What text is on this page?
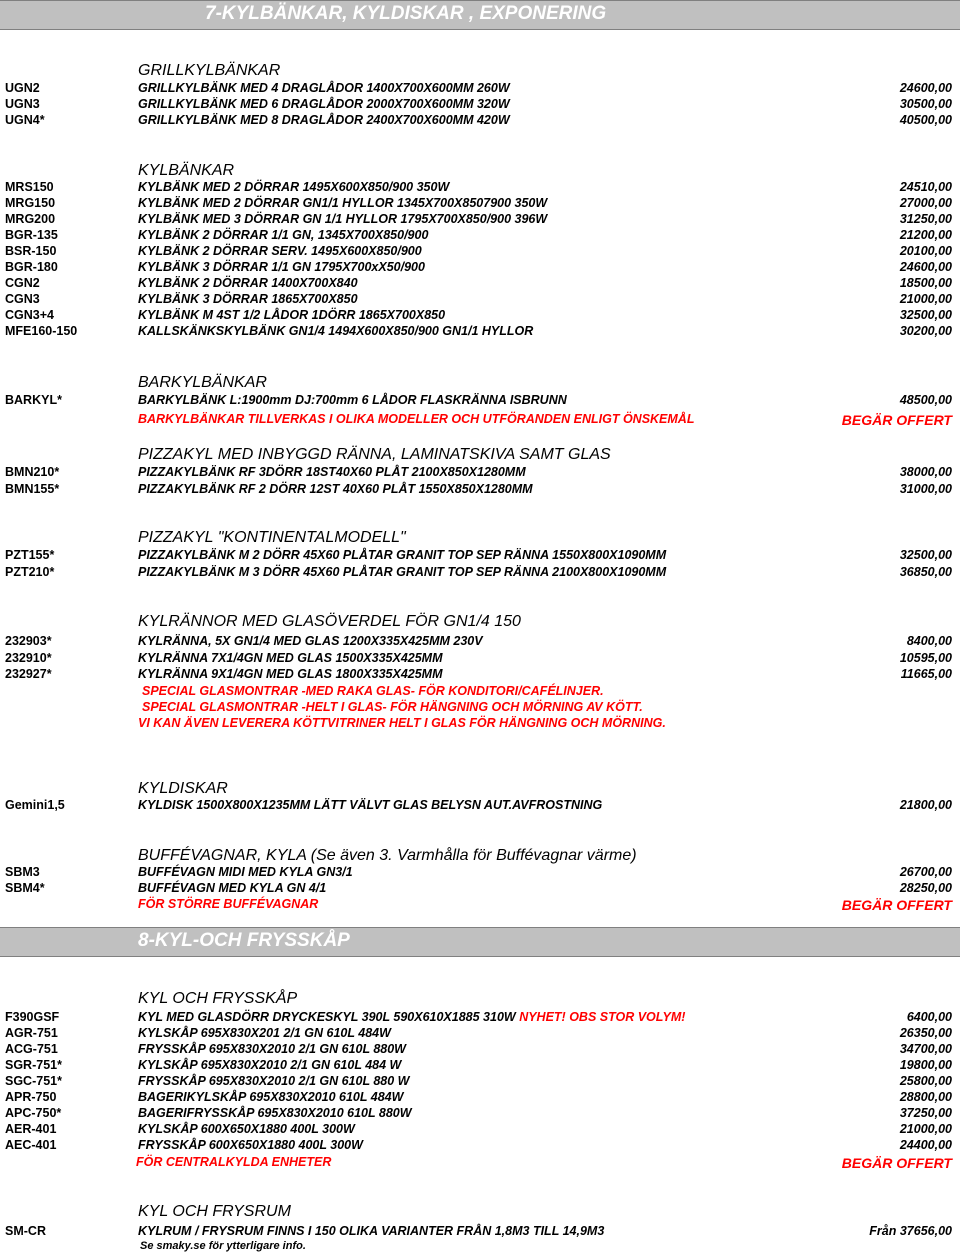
7-KYLBÄNKAR, KYLDISKAR , EXPONERING
GRILLKYLBÄNKAR
UGN2	GRILLKYLBÄNK MED 4 DRAGLÅDOR 1400X700X600MM 260W	24600,00
UGN3	GRILLKYLBÄNK MED 6 DRAGLÅDOR 2000X700X600MM 320W	30500,00
UGN4*	GRILLKYLBÄNK MED 8 DRAGLÅDOR 2400X700X600MM 420W	40500,00
KYLBÄNKAR
MRS150	KYLBÄNK MED 2 DÖRRAR 1495X600X850/900 350W	24510,00
MRG150	KYLBÄNK MED 2 DÖRRAR GN1/1 HYLLOR 1345X700X8507900 350W	27000,00
MRG200	KYLBÄNK MED 3 DÖRRAR GN 1/1 HYLLOR 1795X700X850/900 396W	31250,00
BGR-135	KYLBÄNK 2 DÖRRAR 1/1 GN, 1345X700X850/900	21200,00
BSR-150	KYLBÄNK 2 DÖRRAR SERV. 1495X600X850/900	20100,00
BGR-180	KYLBÄNK 3 DÖRRAR 1/1 GN 1795X700xX50/900	24600,00
CGN2	KYLBÄNK 2 DÖRRAR 1400X700X840	18500,00
CGN3	KYLBÄNK 3 DÖRRAR 1865X700X850	21000,00
CGN3+4	KYLBÄNK M 4ST 1/2 LÅDOR 1DÖRR 1865X700X850	32500,00
MFE160-150	KALLSKÄNKSKYLBÄNK GN1/4 1494X600X850/900 GN1/1 HYLLOR	30200,00
BARKYLBÄNKAR
BARKYL*	BARKYLBÄNK L:1900mm DJ:700mm 6 LÅDOR FLASKRÄNNA ISBRUNN	48500,00
BARKYLBÄNKAR TILLVERKAS I OLIKA MODELLER OCH UTFÖRANDEN ENLIGT ÖNSKEMÅL	BEGÄR OFFERT
PIZZAKYL MED INBYGGD RÄNNA, LAMINATSKIVA SAMT GLAS
BMN210*	PIZZAKYLBÄNK RF 3DÖRR 18ST40X60 PLÅT 2100X850X1280MM	38000,00
BMN155*	PIZZAKYLBÄNK RF 2 DÖRR 12ST 40X60 PLÅT 1550X850X1280MM	31000,00
PIZZAKYL "KONTINENTALMODELL"
PZT155*	PIZZAKYLBÄNK M 2 DÖRR 45X60 PLÅTAR GRANIT TOP SEP RÄNNA 1550X800X1090MM	32500,00
PZT210*	PIZZAKYLBÄNK M 3 DÖRR 45X60 PLÅTAR GRANIT TOP SEP RÄNNA 2100X800X1090MM	36850,00
KYLRÄNNOR MED GLASÖVERDEL FÖR GN1/4 150
232903*	KYLRÄNNA, 5X GN1/4 MED GLAS 1200X335X425MM 230V	8400,00
232910*	KYLRÄNNA 7X1/4GN MED GLAS 1500X335X425MM	10595,00
232927*	KYLRÄNNA 9X1/4GN MED GLAS 1800X335X425MM	11665,00
SPECIAL GLASMONTRAR -MED RAKA GLAS- FÖR KONDITORI/CAFÉLINJER.
SPECIAL GLASMONTRAR -HELT I GLAS- FÖR HÄNGNING OCH MÖRNING AV KÖTT.
VI KAN ÄVEN LEVERERA KÖTTVITRINER HELT I GLAS FÖR HÄNGNING OCH MÖRNING.
KYLDISKAR
Gemini1,5	KYLDISK 1500X800X1235MM LÄTT VÄLVT GLAS BELYSN AUT.AVFROSTNING	21800,00
BUFFÉVAGNAR, KYLA (Se även 3. Varmhålla för Buffévagnar värme)
SBM3	BUFFÉVAGN MIDI MED KYLA GN3/1	26700,00
SBM4*	BUFFÉVAGN MED KYLA GN 4/1	28250,00
FÖR STÖRRE BUFFÉVAGNAR	BEGÄR OFFERT
8-KYL-OCH FRYSSKÅP
KYL OCH FRYSSKÅP
F390GSF	KYL MED GLASDÖRR DRYCKESKYL 390L 590X610X1885 310W NYHET! OBS STOR VOLYM!	6400,00
AGR-751	KYLSKÅP 695X830X201 2/1 GN 610L 484W	26350,00
ACG-751	FRYSSKÅP 695X830X2010 2/1 GN 610L 880W	34700,00
SGR-751*	KYLSKÅP 695X830X2010 2/1 GN 610L 484 W	19800,00
SGC-751*	FRYSSKÅP 695X830X2010 2/1 GN 610L 880 W	25800,00
APR-750	BAGERIKYLSKÅP 695X830X2010 610L 484W	28800,00
APC-750*	BAGERIFRYSSKÅP 695X830X2010 610L 880W	37250,00
AER-401	KYLSKÅP 600X650X1880 400L 300W	21000,00
AEC-401	FRYSSKÅP 600X650X1880 400L 300W	24400,00
FÖR CENTRALKYLDA ENHETER	BEGÄR OFFERT
KYL OCH FRYSRUM
SM-CR	KYLRUM / FRYSRUM FINNS I 150 OLIKA VARIANTER FRÅN 1,8M3 TILL 14,9M3	Från 37656,00
Se smaky.se för ytterligare info.
